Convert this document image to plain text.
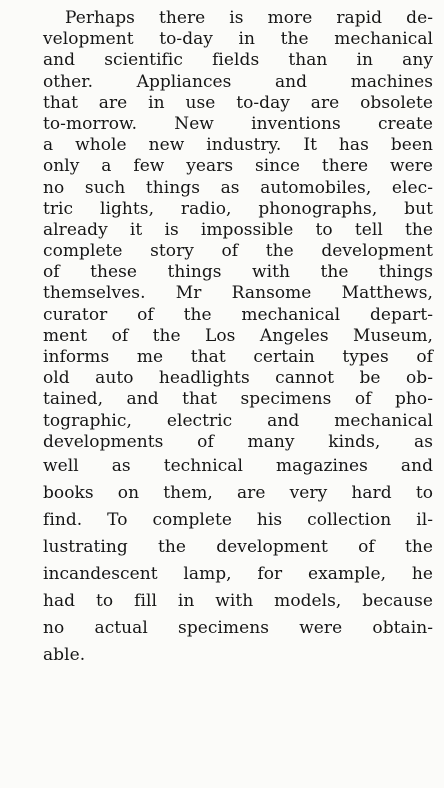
Perhaps there is more rapid de-
velopment to-day in the mechanical
and scientific fields than in any
other. Appliances and machines
that are in use to-day are obsolete
to-morrow. New inventions create
a whole new industry. It has been
only a few years since there were
no such things as automobiles, elec-
tric lights, radio, phonographs, but
already it is impossible to tell the
complete story of the development
of these things with the things
themselves. Mr Ransome Matthews,
curator of the mechanical depart-
ment of the Los Angeles Museum,
informs me that certain types of
old auto headlights cannot be ob-
tained, and that specimens of pho-
tographic, electric and mechanical
developments of many kinds, as
well as technical magazines and
books on them, are very hard to
find. To complete his collection il-
lustrating the development of the
incandescent lamp, for example, he
had to fill in with models, because
no actual specimens were obtain-
able.
